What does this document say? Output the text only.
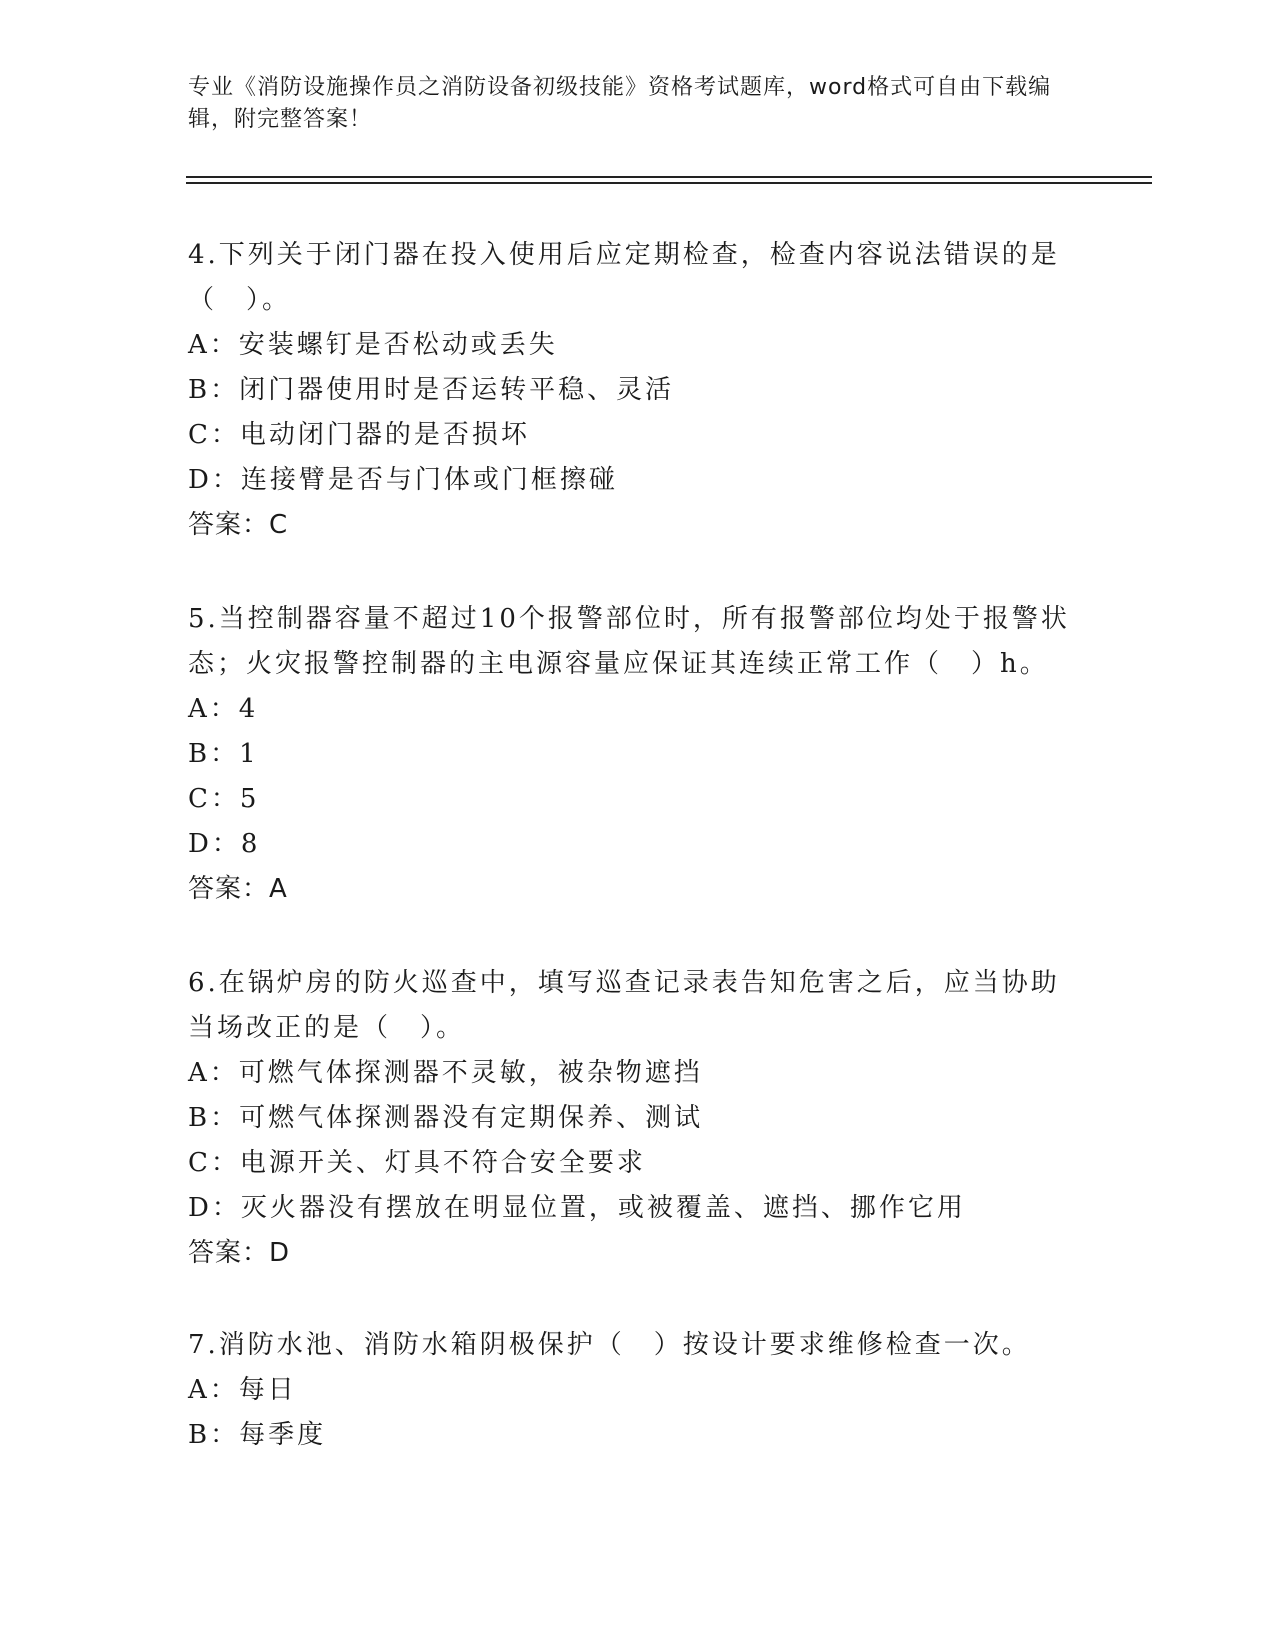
专业《消防设施操作员之消防设备初级技能》资格考试题库，word格式可自由下载编辑，附完整答案！

4.下列关于闭门器在投入使用后应定期检查，检查内容说法错误的是（　）。

A：安装螺钉是否松动或丢失

B：闭门器使用时是否运转平稳、灵活

C：电动闭门器的是否损坏

D：连接臂是否与门体或门框擦碰

答案：C

5.当控制器容量不超过10个报警部位时，所有报警部位均处于报警状态；火灾报警控制器的主电源容量应保证其连续正常工作（　）h。

A：4

B：1

C：5

D：8

答案：A

6.在锅炉房的防火巡查中，填写巡查记录表告知危害之后，应当协助当场改正的是（　）。

A：可燃气体探测器不灵敏，被杂物遮挡

B：可燃气体探测器没有定期保养、测试

C：电源开关、灯具不符合安全要求

D：灭火器没有摆放在明显位置，或被覆盖、遮挡、挪作它用

答案：D

7.消防水池、消防水箱阴极保护（　）按设计要求维修检查一次。

A：每日

B：每季度
